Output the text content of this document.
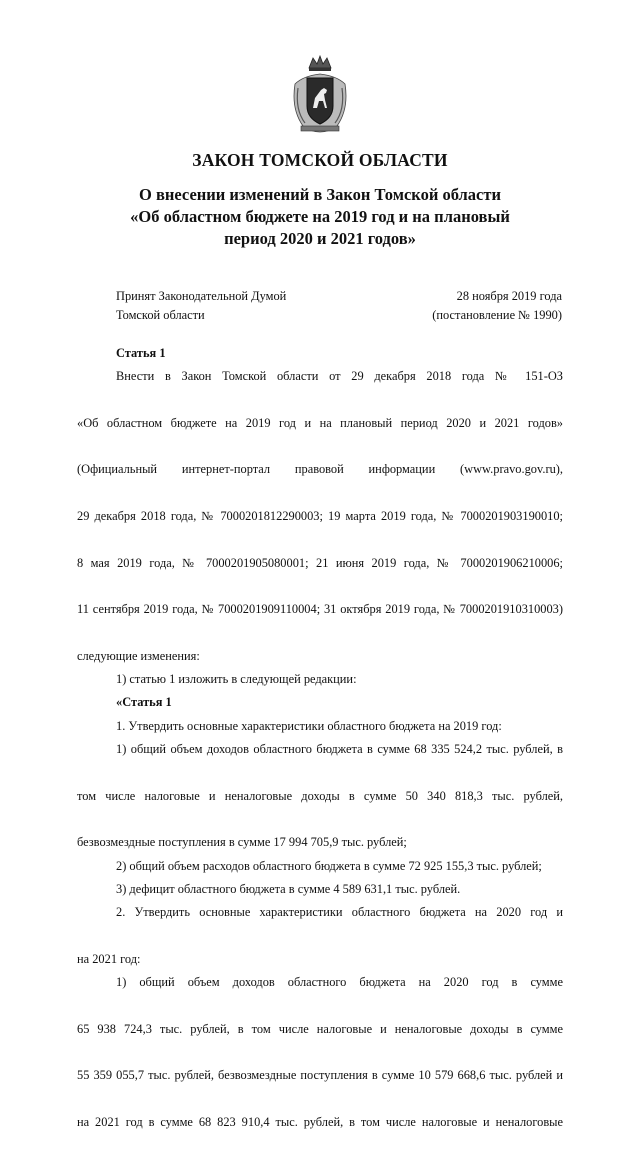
ЗАКОН ТОМСКОЙ ОБЛАСТИ
О внесении изменений в Закон Томской области
«Об областном бюджете на 2019 год и на плановый
период 2020 и 2021 годов»
Принят Законодательной Думой
Томской области
28 ноября 2019 года
(постановление № 1990)

Статья 1

Внести в Закон Томской области от 29 декабря 2018 года № 151-ОЗ

«Об областном бюджете на 2019 год и на плановый период 2020 и 2021 годов»

(Официальный интернет-портал правовой информации (www.pravo.gov.ru),

29 декабря 2018 года, № 7000201812290003; 19 марта 2019 года, № 7000201903190010;

8 мая 2019 года, № 7000201905080001; 21 июня 2019 года, № 7000201906210006;

11 сентября 2019 года, № 7000201909110004; 31 октября 2019 года, № 7000201910310003)

следующие изменения:

1) статью 1 изложить в следующей редакции:

«Статья 1

1. Утвердить основные характеристики областного бюджета на 2019 год:

1) общий объем доходов областного бюджета в сумме 68 335 524,2 тыс. рублей, в

том числе налоговые и неналоговые доходы в сумме 50 340 818,3 тыс. рублей,

безвозмездные поступления в сумме 17 994 705,9 тыс. рублей;

2) общий объем расходов областного бюджета в сумме 72 925 155,3 тыс. рублей;

3) дефицит областного бюджета в сумме 4 589 631,1 тыс. рублей.

2. Утвердить основные характеристики областного бюджета на 2020 год и

на 2021 год:

1) общий объем доходов областного бюджета на 2020 год в сумме

65 938 724,3 тыс. рублей, в том числе налоговые и неналоговые доходы в сумме

55 359 055,7 тыс. рублей, безвозмездные поступления в сумме 10 579 668,6 тыс. рублей и

на 2021 год в сумме 68 823 910,4 тыс. рублей, в том числе налоговые и неналоговые
